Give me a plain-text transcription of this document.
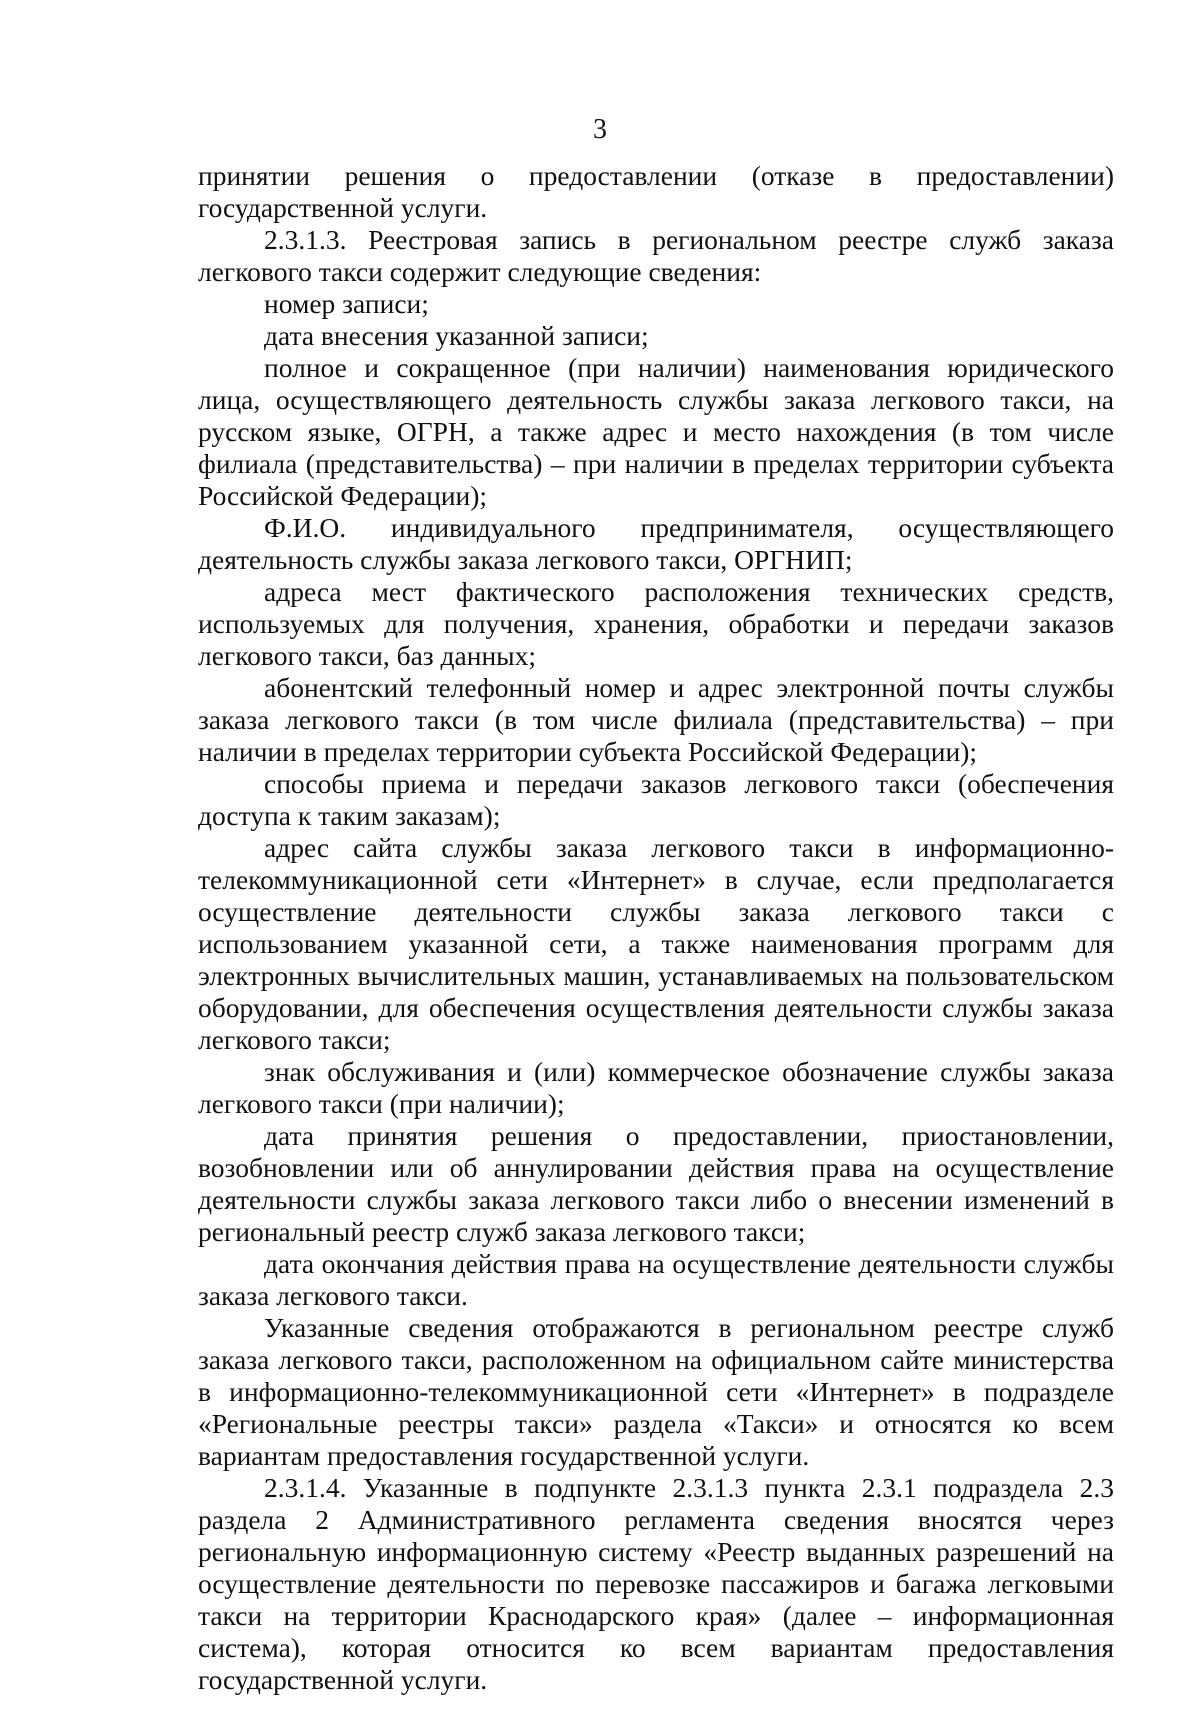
3

принятии решения о предоставлении (отказе в предоставлении) государственной услуги.

2.3.1.3. Реестровая запись в региональном реестре служб заказа легкового такси содержит следующие сведения:

номер записи;

дата внесения указанной записи;

полное и сокращенное (при наличии) наименования юридического лица, осуществляющего деятельность службы заказа легкового такси, на русском языке, ОГРН, а также адрес и место нахождения (в том числе филиала (представительства) – при наличии в пределах территории субъекта Российской Федерации);

Ф.И.О. индивидуального предпринимателя, осуществляющего деятельность службы заказа легкового такси, ОРГНИП;

адреса мест фактического расположения технических средств, используемых для получения, хранения, обработки и передачи заказов легкового такси, баз данных;

абонентский телефонный номер и адрес электронной почты службы заказа легкового такси (в том числе филиала (представительства) – при наличии в пределах территории субъекта Российской Федерации);

способы приема и передачи заказов легкового такси (обеспечения доступа к таким заказам);

адрес сайта службы заказа легкового такси в информационно-телекоммуникационной сети «Интернет» в случае, если предполагается осуществление деятельности службы заказа легкового такси с использованием указанной сети, а также наименования программ для электронных вычислительных машин, устанавливаемых на пользовательском оборудовании, для обеспечения осуществления деятельности службы заказа легкового такси;

знак обслуживания и (или) коммерческое обозначение службы заказа легкового такси (при наличии);

дата принятия решения о предоставлении, приостановлении, возобновлении или об аннулировании действия права на осуществление деятельности службы заказа легкового такси либо о внесении изменений в региональный реестр служб заказа легкового такси;

дата окончания действия права на осуществление деятельности службы заказа легкового такси.

Указанные сведения отображаются в региональном реестре служб заказа легкового такси, расположенном на официальном сайте министерства в информационно-телекоммуникационной сети «Интернет» в подразделе «Региональные реестры такси» раздела «Такси» и относятся ко всем вариантам предоставления государственной услуги.

2.3.1.4. Указанные в подпункте 2.3.1.3 пункта 2.3.1 подраздела 2.3 раздела 2 Административного регламента сведения вносятся через региональную информационную систему «Реестр выданных разрешений на осуществление деятельности по перевозке пассажиров и багажа легковыми такси на территории Краснодарского края» (далее – информационная система), которая относится ко всем вариантам предоставления государственной услуги.
